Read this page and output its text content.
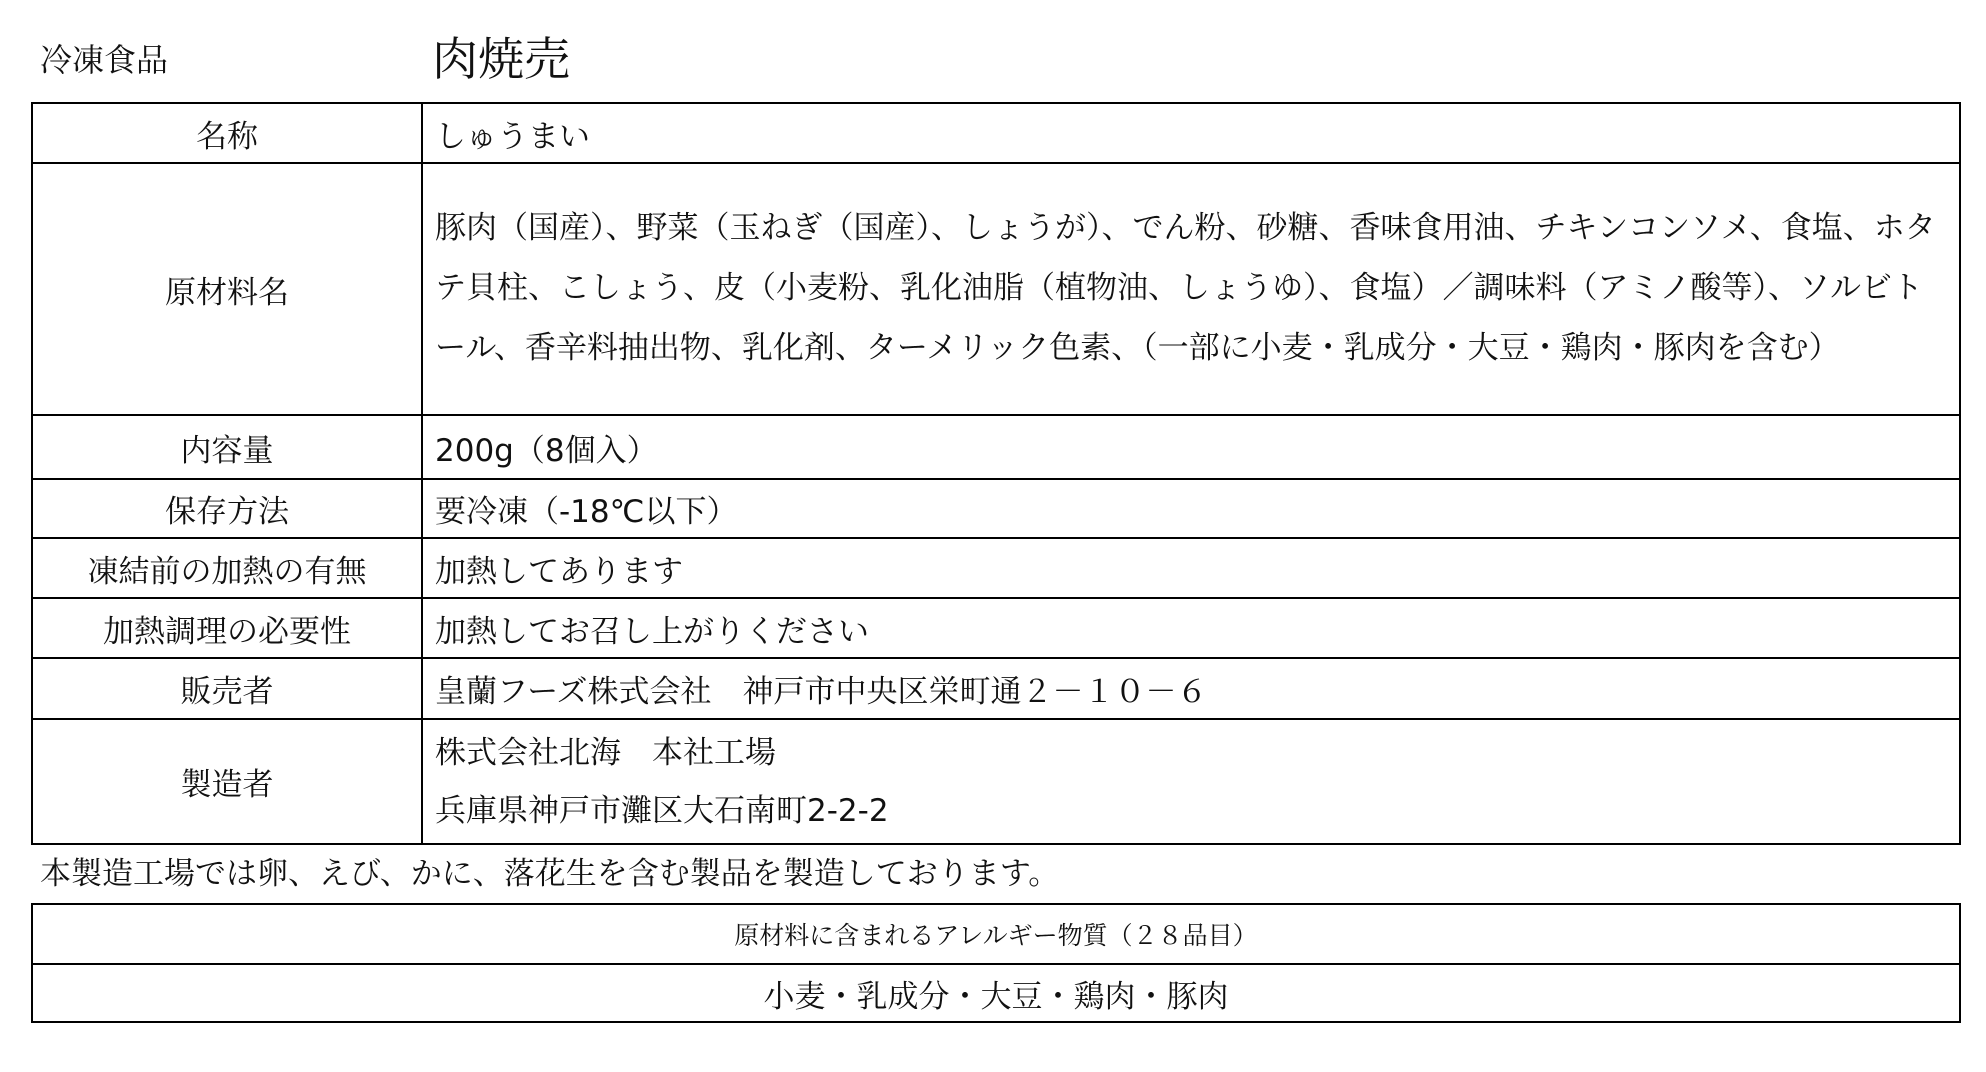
冷凍食品	肉焼売
名称	しゅうまい
原材料名	豚肉（国産）、野菜（玉ねぎ（国産）、しょうが）、でん粉、砂糖、香味食用油、チキンコンソメ、食塩、ホタテ貝柱、こしょう、皮（小麦粉、乳化油脂（植物油、しょうゆ）、食塩）／調味料（アミノ酸等）、ソルビトール、香辛料抽出物、乳化剤、ターメリック色素、（一部に小麦・乳成分・大豆・鶏肉・豚肉を含む）

内容量	200g（8個入）
保存方法	要冷凍（-18℃以下）
凍結前の加熱の有無	加熱してあります
加熱調理の必要性	加熱してお召し上がりください
販売者	皇蘭フーズ株式会社　神戸市中央区栄町通２－１０－６
製造者	株式会社北海　本社工場
兵庫県神戸市灘区大石南町2-2-2
本製造工場では卵、えび、かに、落花生を含む製品を製造しております。
原材料に含まれるアレルギー物質（２８品目）
小麦・乳成分・大豆・鶏肉・豚肉
